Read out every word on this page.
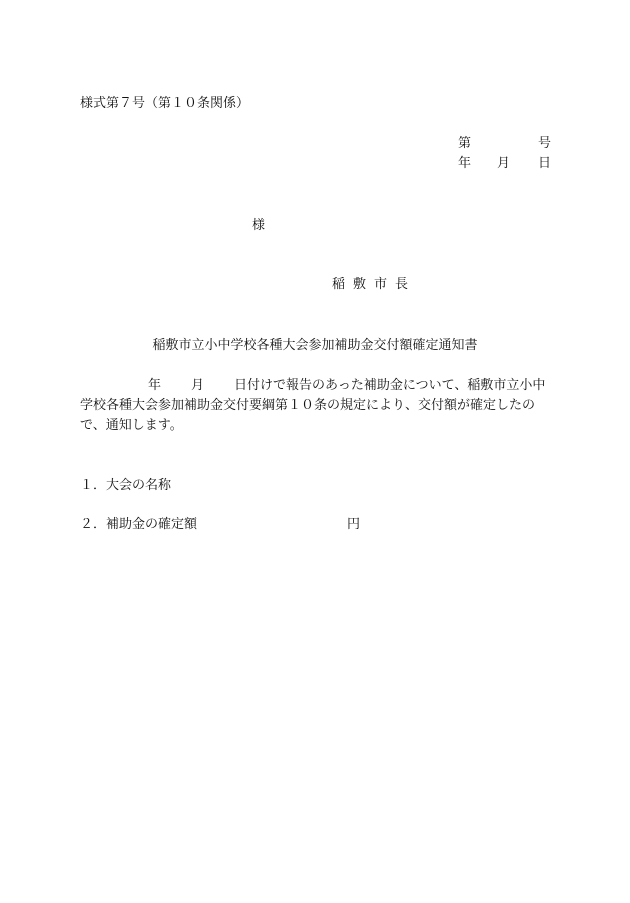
様式第７号（第１０条関係）
第	号
年 月 日
様
稲敷市長
稲敷市立小中学校各種大会参加補助金交付額確定通知書
年 月 日付けで報告のあった補助金について、稲敷市立小中
学校各種大会参加補助金交付要綱第１０条の規定により、交付額が確定したの
で、通知します。
１．大会の名称
２．補助金の確定額	円
